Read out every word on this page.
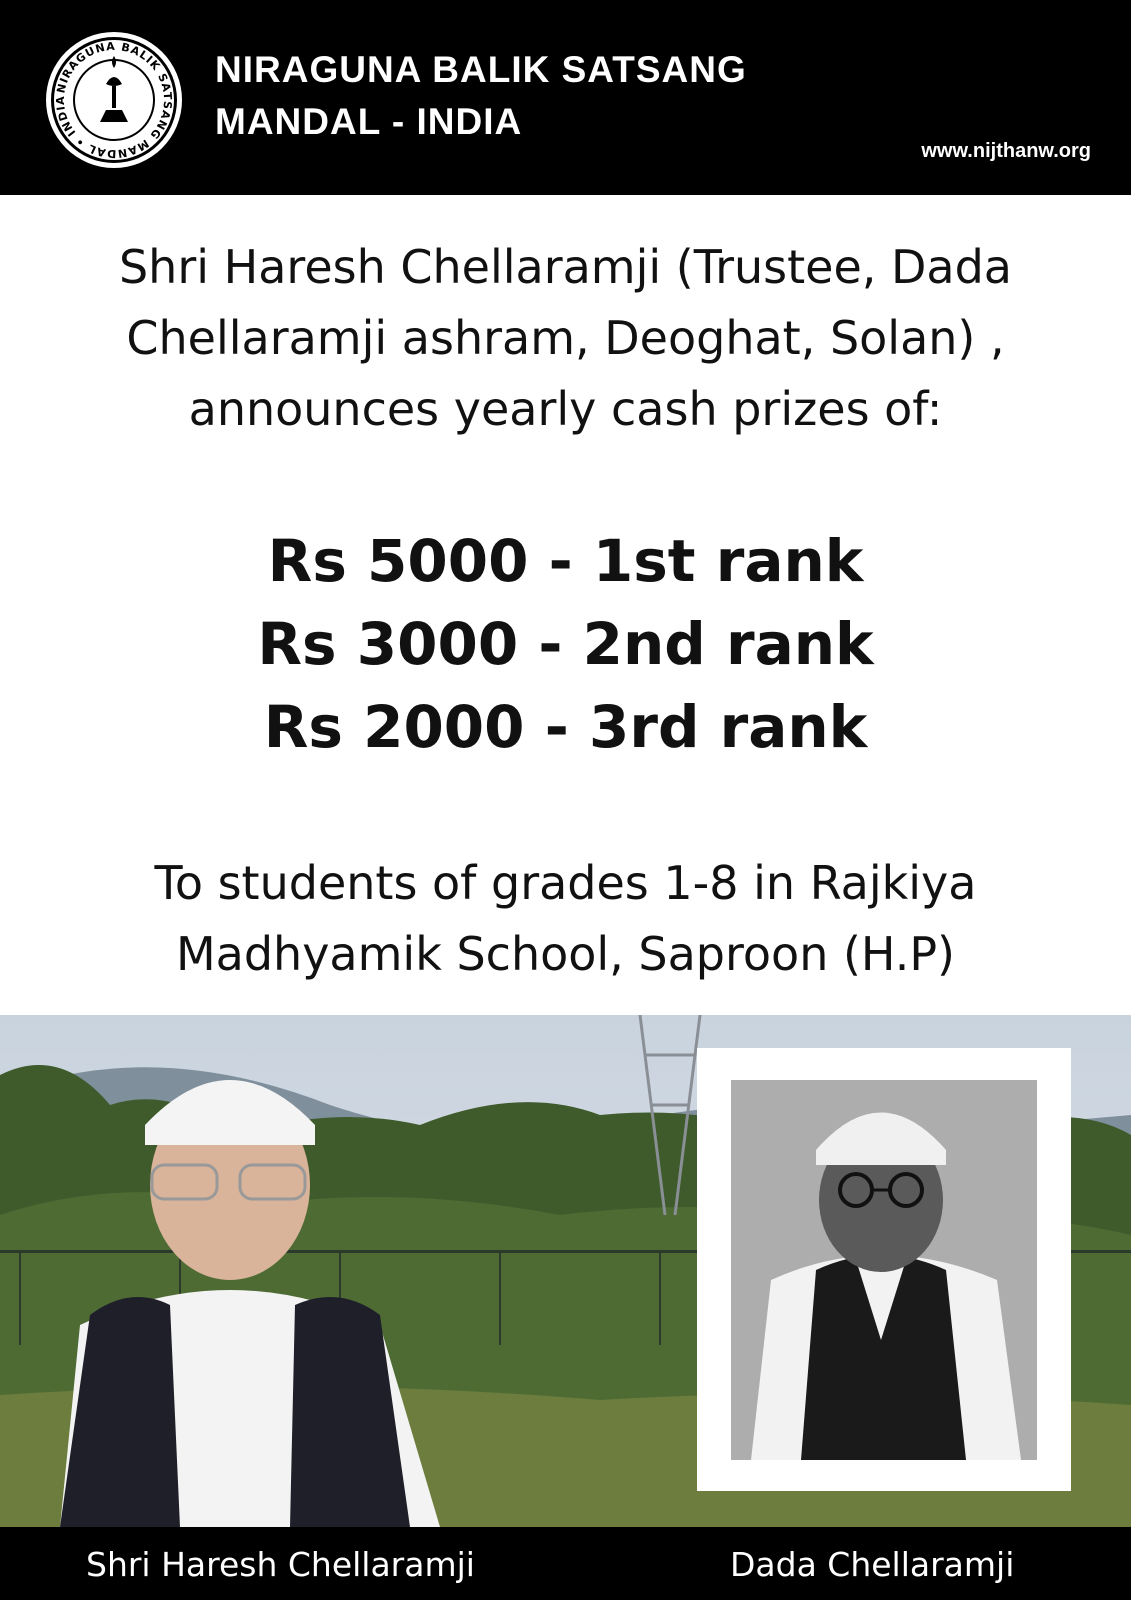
NIRAGUNA BALIK SATSANG MANDAL • INDIA
NIRAGUNA BALIK SATSANG
MANDAL - INDIA
www.nijthanw.org
Shri Haresh Chellaramji (Trustee, Dada Chellaramji ashram, Deoghat, Solan) , announces yearly cash prizes of:
Rs 5000 - 1st rank
Rs 3000 - 2nd rank
Rs 2000 - 3rd rank
To students of grades 1-8 in Rajkiya Madhyamik School, Saproon (H.P)
Shri Haresh Chellaramji	Dada Chellaramji
